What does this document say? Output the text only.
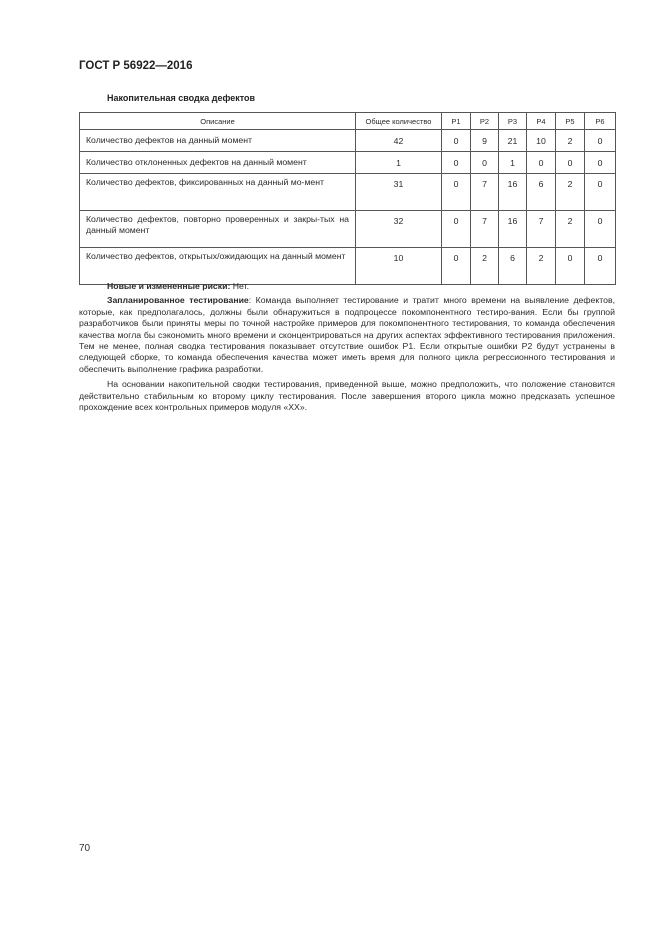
ГОСТ Р 56922—2016
Накопительная сводка дефектов
Описание	Общее количество	P1	P2	P3	P4	P5	P6
Количество дефектов на данный момент	42	0	9	21	10	2	0
Количество отклоненных дефектов на данный момент	1	0	0	1	0	0	0
Количество дефектов, фиксированных на данный мо-мент	31	0	7	16	6	2	0
Количество дефектов, повторно проверенных и закры-тых на данный момент	32	0	7	16	7	2	0
Количество дефектов, открытых/ожидающих на данный момент	10	0	2	6	2	0	0

Новые и измененные риски: Нет.

Запланированное тестирование: Команда выполняет тестирование и тратит много времени на выявление дефектов, которые, как предполагалось, должны были обнаружиться в подпроцессе покомпонентного тестиро-вания. Если бы группой разработчиков были приняты меры по точной настройке примеров для покомпонентного тестирования, то команда обеспечения качества могла бы сэкономить много времени и сконцентрироваться на других аспектах эффективного тестирования приложения. Тем не менее, полная сводка тестирования показывает отсутствие ошибок Р1. Если открытые ошибки Р2 будут устранены в следующей сборке, то команда обеспечения качества может иметь время для полного цикла регрессионного тестирования и обеспечить выполнение графика разработки.

На основании накопительной сводки тестирования, приведенной выше, можно предположить, что положение становится действительно стабильным ко второму циклу тестирования. После завершения второго цикла можно предсказать успешное прохождение всех контрольных примеров модуля «XX».

70
